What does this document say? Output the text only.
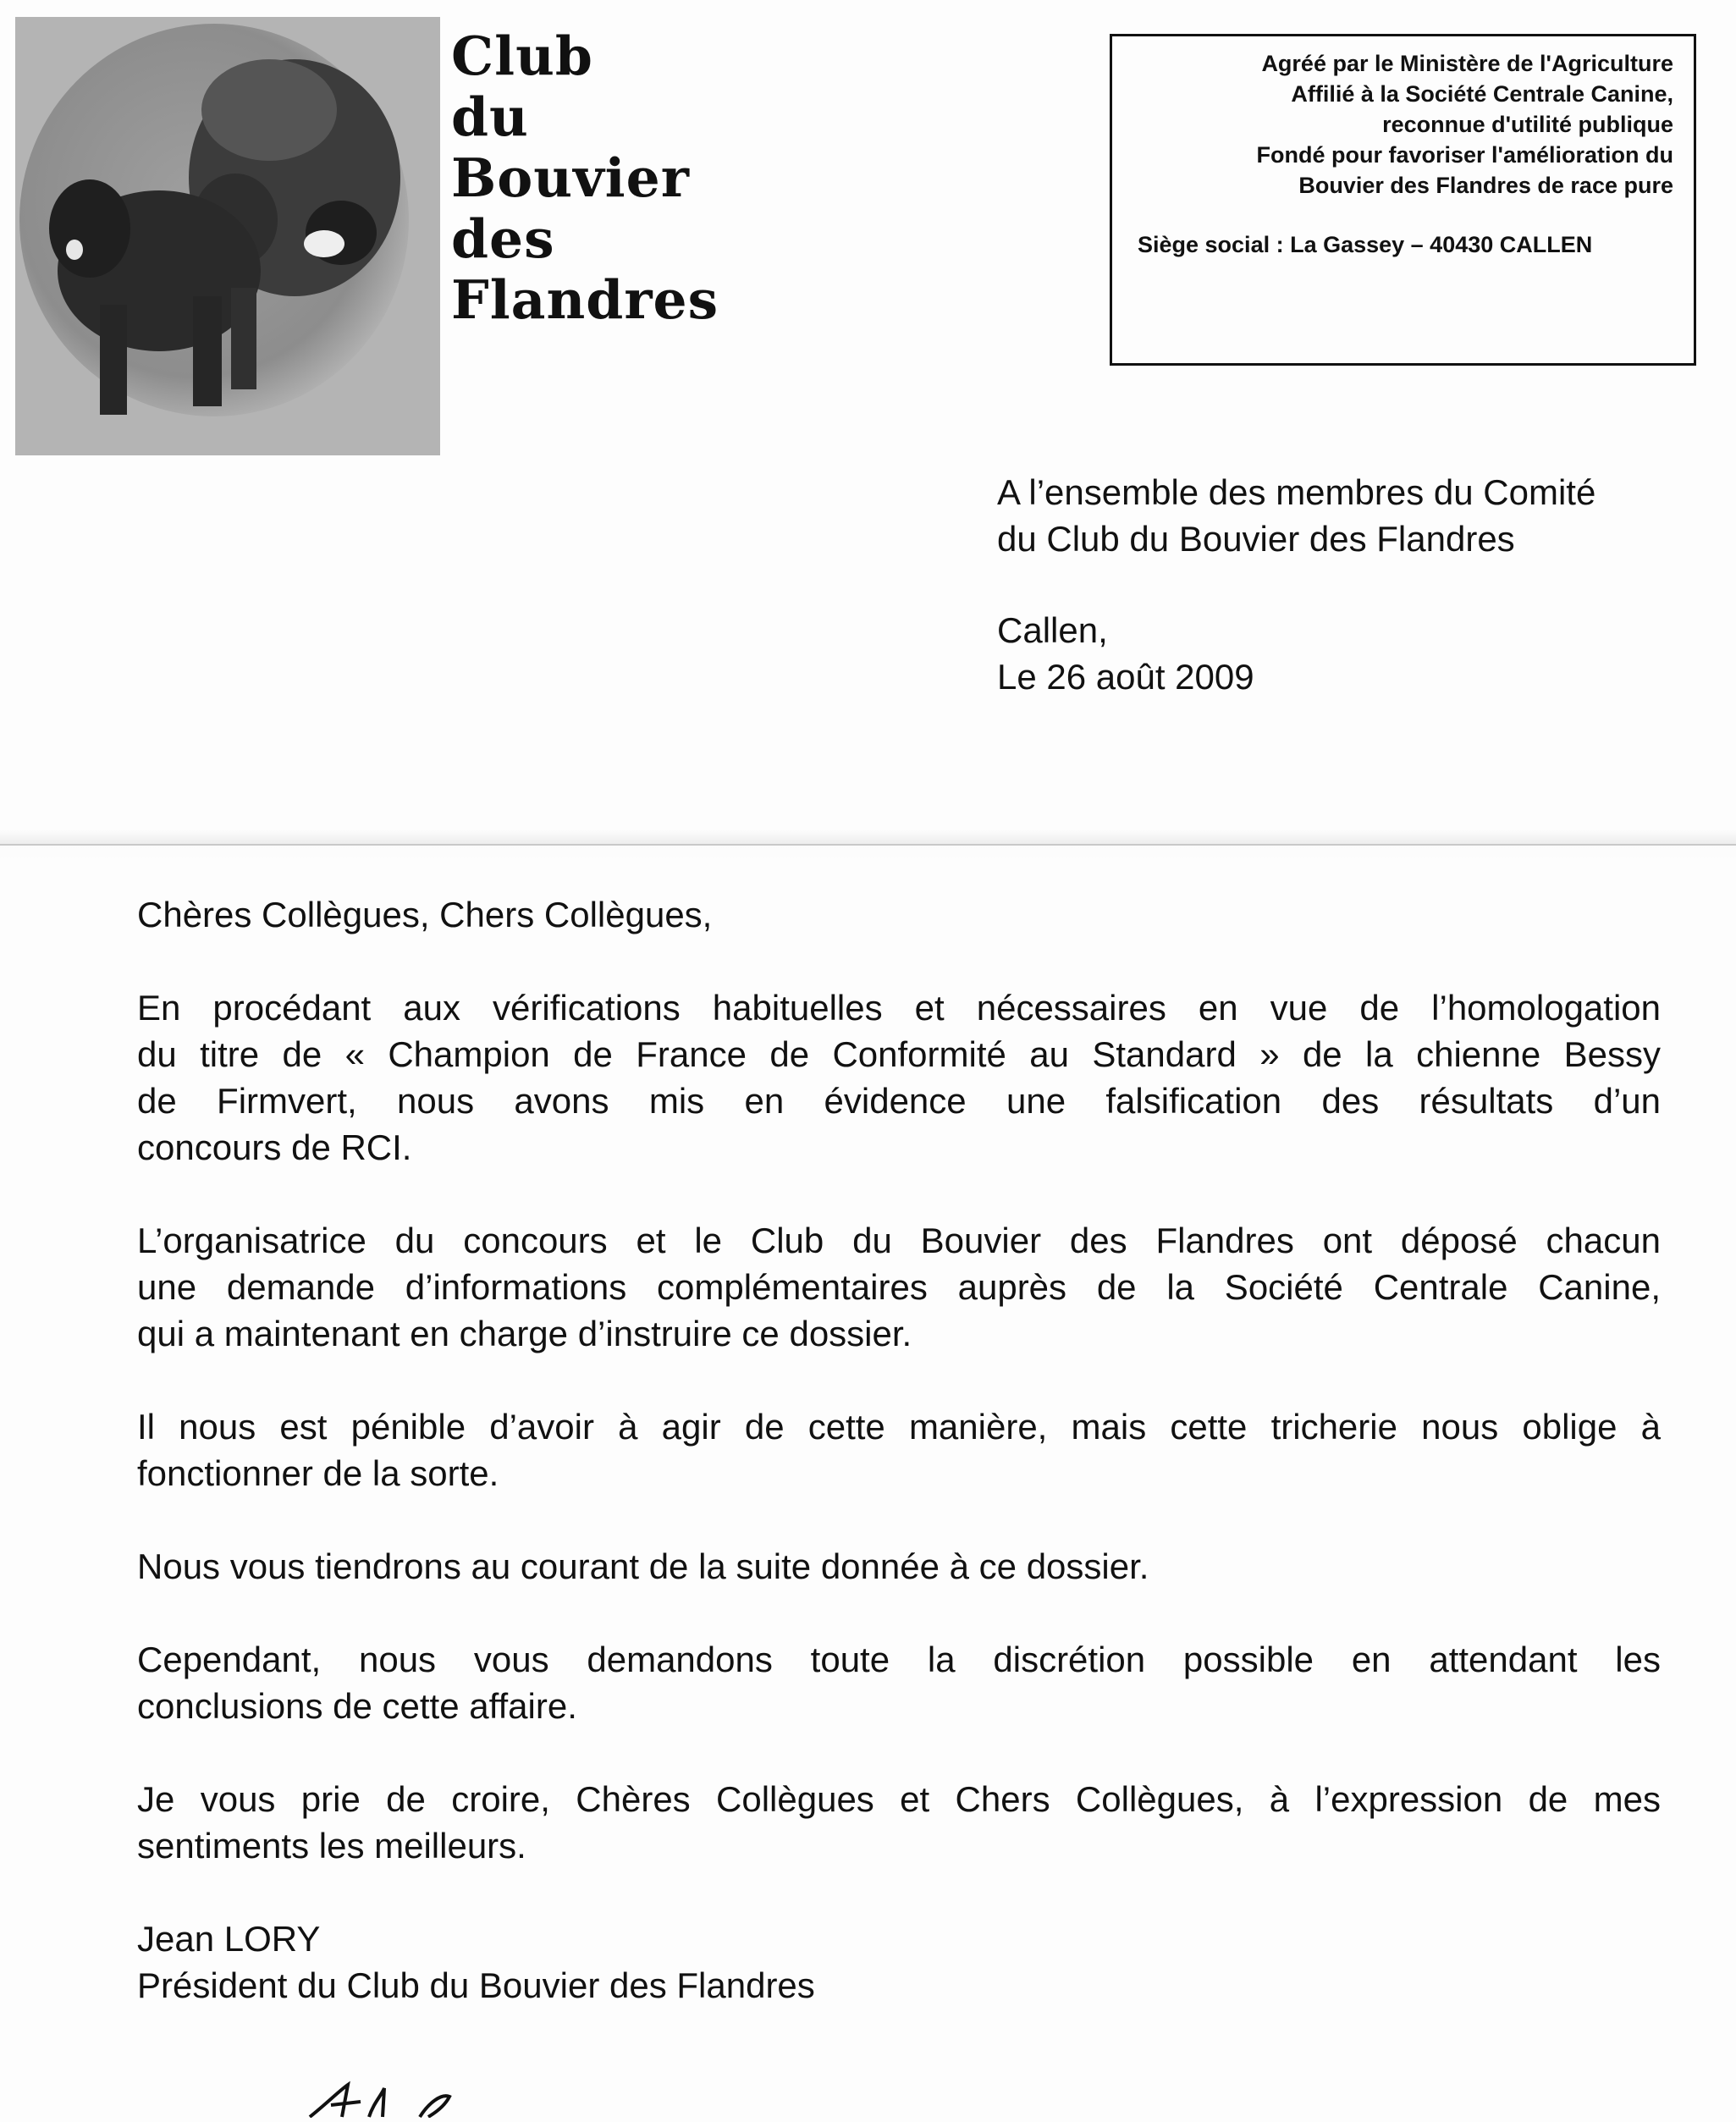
Club
du
Bouvier
des
Flandres
Agréé par le Ministère de l'Agriculture
Affilié à la Société Centrale Canine,
reconnue d'utilité publique
Fondé pour favoriser l'amélioration du
Bouvier des Flandres de race pure
Siège social : La Gassey – 40430 CALLEN
A l’ensemble des membres du Comité
du Club du Bouvier des Flandres
Callen,
Le 26 août 2009
Chères Collègues, Chers Collègues,
En procédant aux vérifications habituelles et nécessaires en vue de l’homologation
du titre de « Champion de France de Conformité au Standard » de la chienne Bessy
de Firmvert, nous avons mis en évidence une falsification des résultats d’un
concours de RCI.
L’organisatrice du concours et le Club du Bouvier des Flandres ont déposé chacun
une demande d’informations complémentaires auprès de la Société Centrale Canine,
qui a maintenant en charge d’instruire ce dossier.
Il nous est pénible d’avoir à agir de cette manière, mais cette tricherie nous oblige à
fonctionner de la sorte.
Nous vous tiendrons au courant de la suite donnée à ce dossier.
Cependant, nous vous demandons toute la discrétion possible en attendant les
conclusions de cette affaire.
Je vous prie de croire, Chères Collègues et Chers Collègues, à l’expression de mes
sentiments les meilleurs.
Jean LORY
Président du Club du Bouvier des Flandres
